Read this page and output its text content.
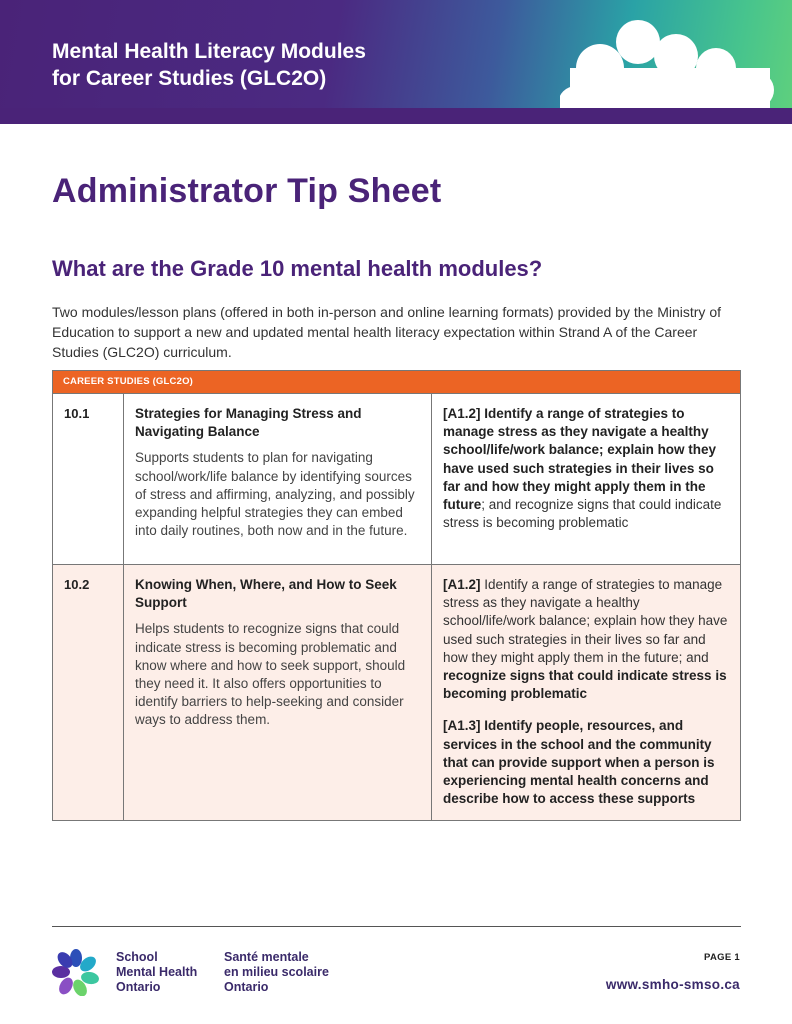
Mental Health Literacy Modules
for Career Studies (GLC2O)
Administrator Tip Sheet
What are the Grade 10 mental health modules?

Two modules/lesson plans (offered in both in-person and online learning formats) provided by the Ministry of Education to support a new and updated mental health literacy expectation within Strand A of the Career Studies (GLC2O) curriculum.

CAREER STUDIES (GLC2O)
10.1	Strategies for Managing Stress and Navigating Balance
Supports students to plan for navigating school/work/life balance by identifying sources of stress and affirming, analyzing, and possibly expanding helpful strategies they can embed into daily routines, both now and in the future.
[A1.2] Identify a range of strategies to manage stress as they navigate a healthy school/life/work balance; explain how they have used such strategies in their lives so far and how they might apply them in the future; and recognize signs that could indicate stress is becoming problematic
10.2	Knowing When, Where, and How to Seek Support
Helps students to recognize signs that could indicate stress is becoming problematic and know where and how to seek support, should they need it. It also offers opportunities to identify barriers to help-seeking and consider ways to address them.
[A1.2] Identify a range of strategies to manage stress as they navigate a healthy school/life/work balance; explain how they have used such strategies in their lives so far and how they might apply them in the future; and recognize signs that could indicate stress is becoming problematic
[A1.3] Identify people, resources, and services in the school and the community that can provide support when a person is experiencing mental health concerns and describe how to access these supports
School
Mental Health
Ontario
Santé mentale
en milieu scolaire
Ontario
PAGE 1
www.smho-smso.ca
